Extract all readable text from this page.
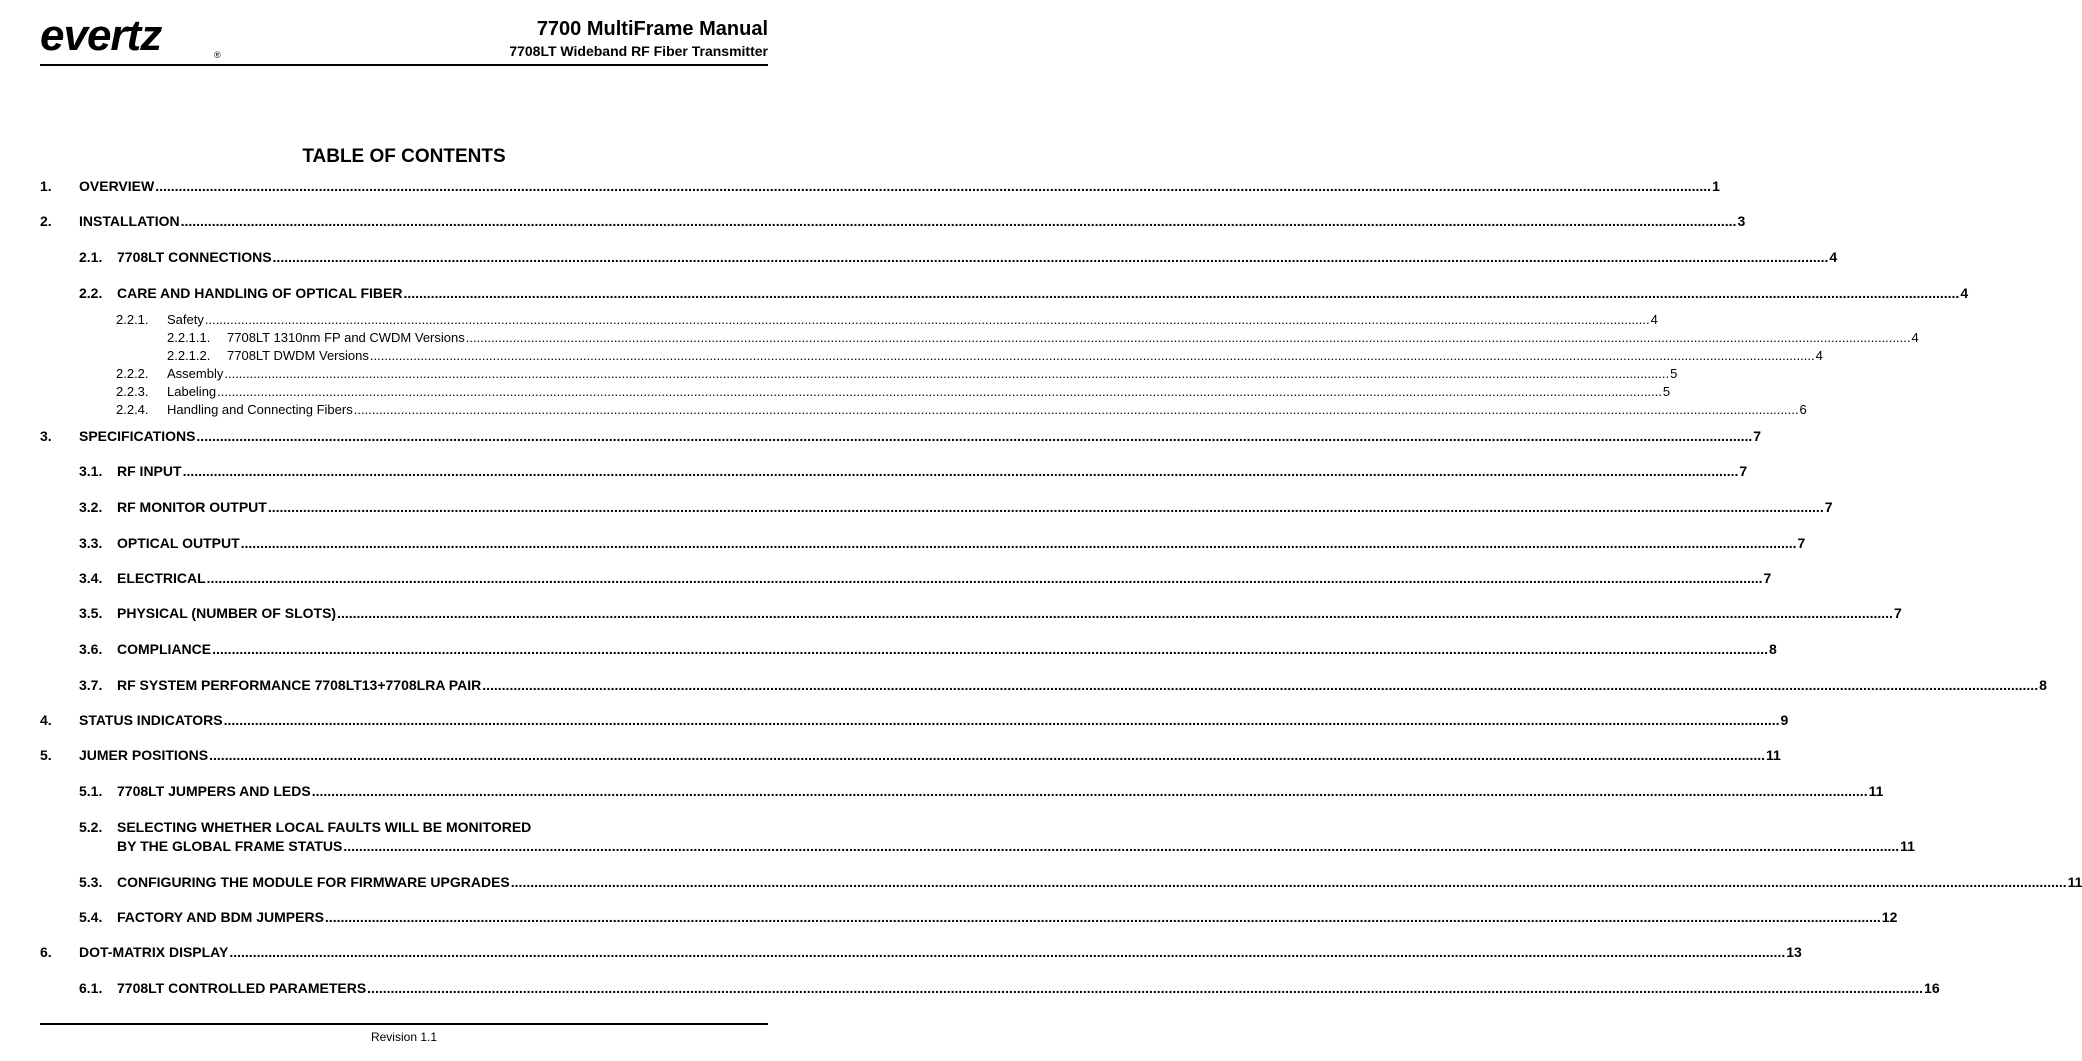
evertz	®
7700 MultiFrame Manual
7708LT Wideband RF Fiber Transmitter
TABLE OF CONTENTS
1.	OVERVIEW ................................................................................................................................................................................................................................................................................................................................................................................................................ 1
2.	INSTALLATION ................................................................................................................................................................................................................................................................................................................................................................................................................ 3
2.1.	7708LT CONNECTIONS ................................................................................................................................................................................................................................................................................................................................................................................................................ 4
2.2.	CARE AND HANDLING OF OPTICAL FIBER ................................................................................................................................................................................................................................................................................................................................................................................................................ 4
2.2.1.	Safety ................................................................................................................................................................................................................................................................................................................................................................................................................ 4
2.2.1.1.	7708LT 1310nm FP and CWDM Versions ................................................................................................................................................................................................................................................................................................................................................................................................................ 4
2.2.1.2.	7708LT DWDM Versions ................................................................................................................................................................................................................................................................................................................................................................................................................ 4
2.2.2.	Assembly ................................................................................................................................................................................................................................................................................................................................................................................................................ 5
2.2.3.	Labeling ................................................................................................................................................................................................................................................................................................................................................................................................................ 5
2.2.4.	Handling and Connecting Fibers ................................................................................................................................................................................................................................................................................................................................................................................................................ 6
3.	SPECIFICATIONS ................................................................................................................................................................................................................................................................................................................................................................................................................ 7
3.1.	RF INPUT ................................................................................................................................................................................................................................................................................................................................................................................................................ 7
3.2.	RF MONITOR OUTPUT ................................................................................................................................................................................................................................................................................................................................................................................................................ 7
3.3.	OPTICAL OUTPUT ................................................................................................................................................................................................................................................................................................................................................................................................................ 7
3.4.	ELECTRICAL ................................................................................................................................................................................................................................................................................................................................................................................................................ 7
3.5.	PHYSICAL (NUMBER OF SLOTS) ................................................................................................................................................................................................................................................................................................................................................................................................................ 7
3.6.	COMPLIANCE ................................................................................................................................................................................................................................................................................................................................................................................................................ 8
3.7.	RF SYSTEM PERFORMANCE 7708LT13+7708LRA PAIR ................................................................................................................................................................................................................................................................................................................................................................................................................ 8
4.	STATUS INDICATORS ................................................................................................................................................................................................................................................................................................................................................................................................................ 9
5.	JUMER POSITIONS ................................................................................................................................................................................................................................................................................................................................................................................................................ 11
5.1.	7708LT JUMPERS AND LEDS ................................................................................................................................................................................................................................................................................................................................................................................................................ 11
5.2.	SELECTING WHETHER LOCAL FAULTS WILL BE MONITORED
BY THE GLOBAL FRAME STATUS ................................................................................................................................................................................................................................................................................................................................................................................................................ 11
5.3.	CONFIGURING THE MODULE FOR FIRMWARE UPGRADES ................................................................................................................................................................................................................................................................................................................................................................................................................ 11
5.4.	FACTORY AND BDM JUMPERS ................................................................................................................................................................................................................................................................................................................................................................................................................ 12
6.	DOT-MATRIX DISPLAY ................................................................................................................................................................................................................................................................................................................................................................................................................ 13
6.1.	7708LT CONTROLLED PARAMETERS ................................................................................................................................................................................................................................................................................................................................................................................................................ 16
Revision 1.1
